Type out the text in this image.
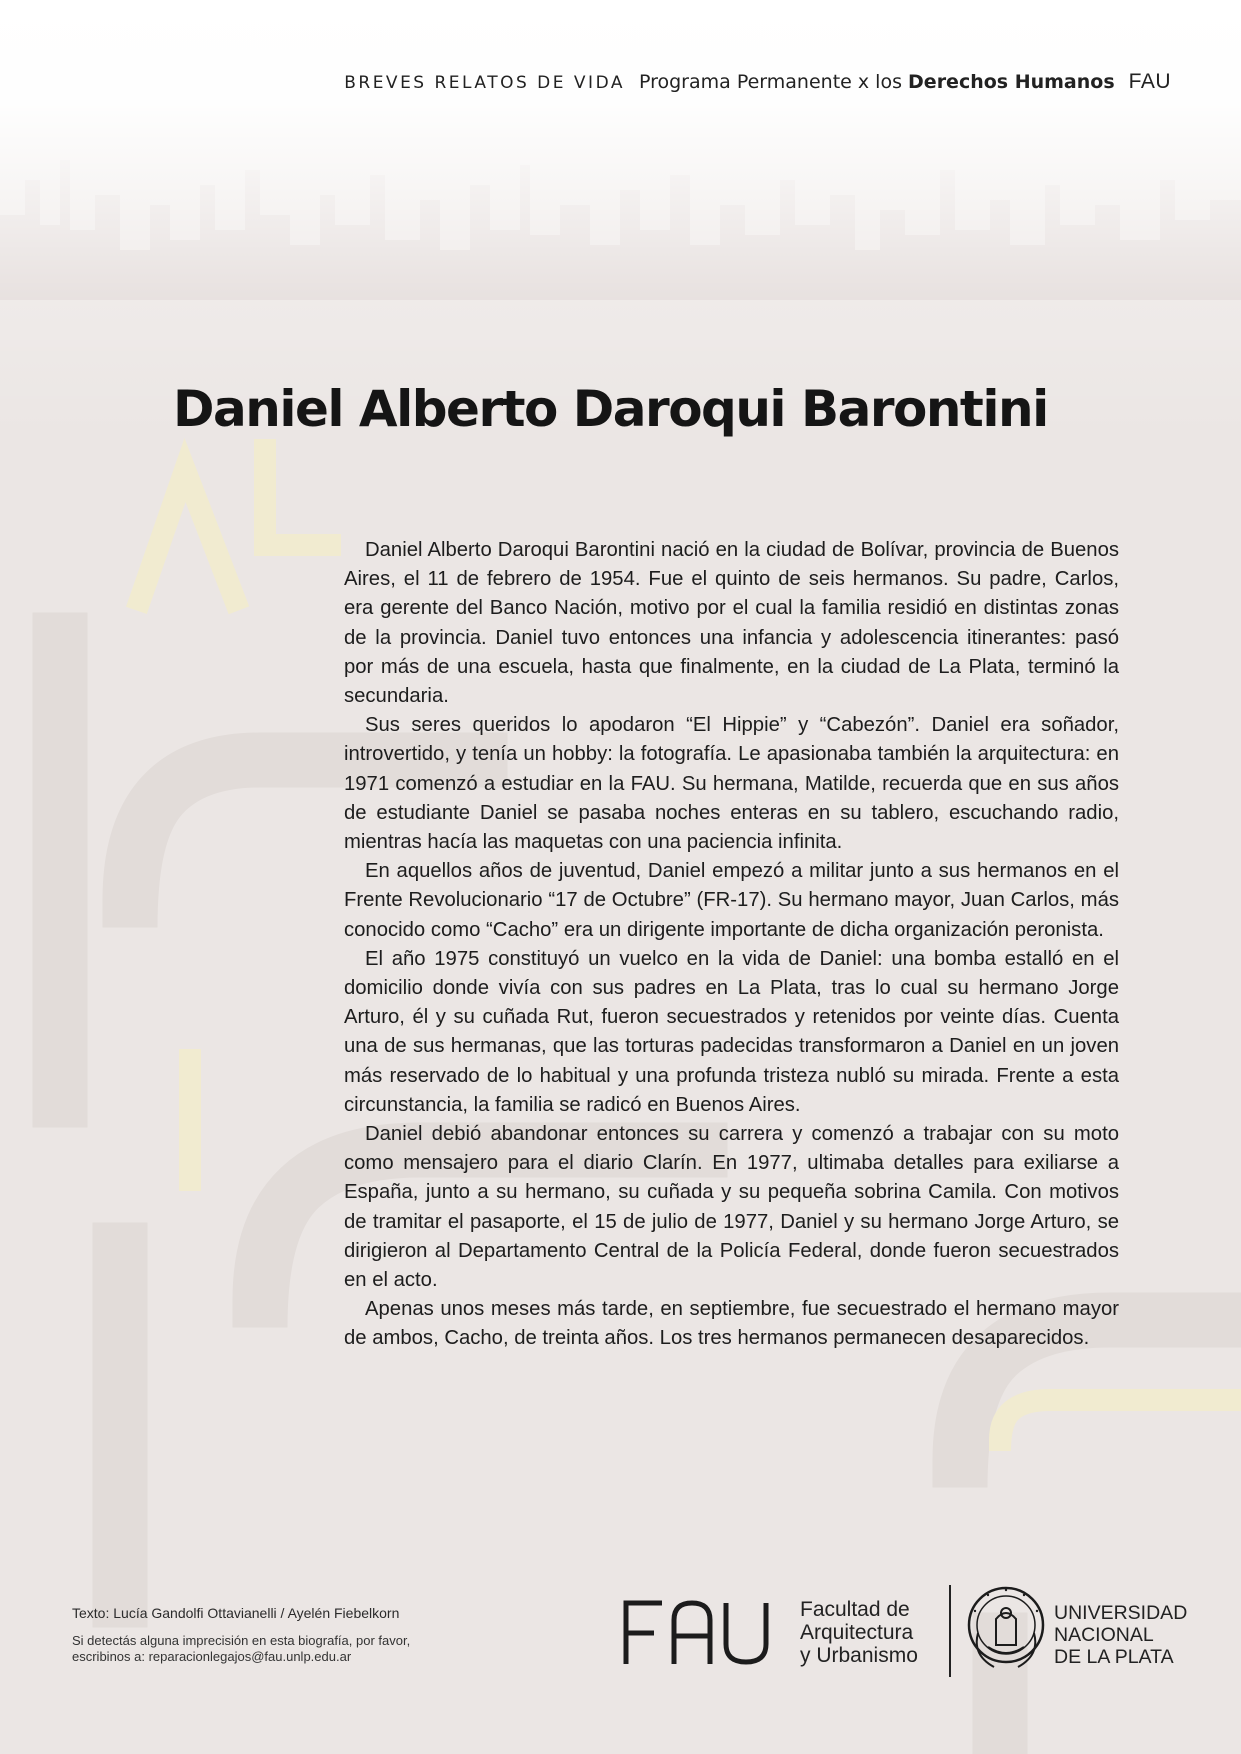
BREVES RELATOS DE VIDA Programa Permanente x los Derechos Humanos FAU
Daniel Alberto Daroqui Barontini

Daniel Alberto Daroqui Barontini nació en la ciudad de Bolívar, provincia de Buenos Aires, el 11 de febrero de 1954. Fue el quinto de seis hermanos. Su padre, Carlos, era gerente del Banco Nación, motivo por el cual la familia residió en distintas zonas de la provincia. Daniel tuvo entonces una infancia y adolescencia itinerantes: pasó por más de una escuela, hasta que finalmente, en la ciudad de La Plata, terminó la secundaria.

Sus seres queridos lo apodaron “El Hippie” y “Cabezón”. Daniel era soñador, introvertido, y tenía un hobby: la fotografía. Le apasionaba también la arquitectura: en 1971 comenzó a estudiar en la FAU. Su hermana, Matilde, recuerda que en sus años de estudiante Daniel se pasaba noches enteras en su tablero, escuchando radio, mientras hacía las maquetas con una paciencia infinita.

En aquellos años de juventud, Daniel empezó a militar junto a sus hermanos en el Frente Revolucionario “17 de Octubre” (FR-17). Su hermano mayor, Juan Carlos, más conocido como “Cacho” era un dirigente importante de dicha organización peronista.

El año 1975 constituyó un vuelco en la vida de Daniel: una bomba estalló en el domicilio donde vivía con sus padres en La Plata, tras lo cual su hermano Jorge Arturo, él y su cuñada Rut, fueron secuestrados y retenidos por veinte días. Cuenta una de sus hermanas, que las torturas padecidas transformaron a Daniel en un joven más reservado de lo habitual y una profunda tristeza nubló su mirada. Frente a esta circunstancia, la familia se radicó en Buenos Aires.

Daniel debió abandonar entonces su carrera y comenzó a trabajar con su moto como mensajero para el diario Clarín. En 1977, ultimaba detalles para exiliarse a España, junto a su hermano, su cuñada y su pequeña sobrina Camila. Con motivos de tramitar el pasaporte, el 15 de julio de 1977, Daniel y su hermano Jorge Arturo, se dirigieron al Departamento Central de la Policía Federal, donde fueron secuestrados en el acto.

Apenas unos meses más tarde, en septiembre, fue secuestrado el hermano mayor de ambos, Cacho, de treinta años. Los tres hermanos permanecen desaparecidos.

Texto: Lucía Gandolfi Ottavianelli / Ayelén Fiebelkorn
Si detectás alguna imprecisión en esta biografía, por favor,
escribinos a: reparacionlegajos@fau.unlp.edu.ar
FAU	Facultad de
Arquitectura
y Urbanismo
UNIVERSIDAD
NACIONAL
DE LA PLATA
